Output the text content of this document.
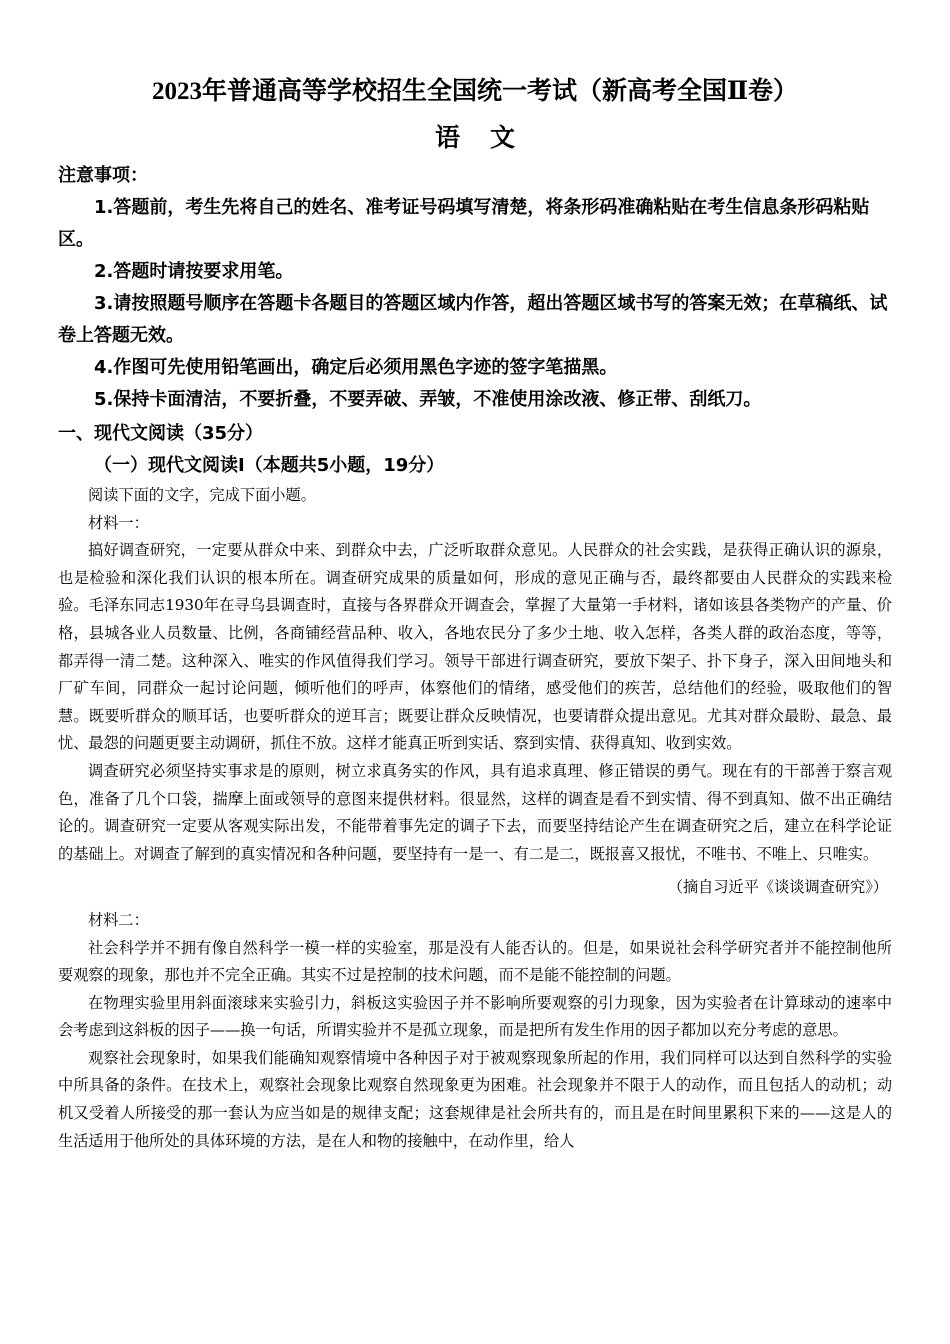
2023年普通高等学校招生全国统一考试（新高考全国Ⅱ卷）

语文

注意事项：

1.答题前，考生先将自己的姓名、准考证号码填写清楚，将条形码准确粘贴在考生信息条形码粘贴区。

2.答题时请按要求用笔。

3.请按照题号顺序在答题卡各题目的答题区域内作答，超出答题区域书写的答案无效；在草稿纸、试卷上答题无效。

4.作图可先使用铅笔画出，确定后必须用黑色字迹的签字笔描黑。

5.保持卡面清洁，不要折叠，不要弄破、弄皱，不准使用涂改液、修正带、刮纸刀。

一、现代文阅读（35分）

（一）现代文阅读Ⅰ（本题共5小题，19分）

阅读下面的文字，完成下面小题。

材料一：

搞好调查研究，一定要从群众中来、到群众中去，广泛听取群众意见。人民群众的社会实践，是获得正确认识的源泉，也是检验和深化我们认识的根本所在。调查研究成果的质量如何，形成的意见正确与否，最终都要由人民群众的实践来检验。毛泽东同志1930年在寻乌县调查时，直接与各界群众开调查会，掌握了大量第一手材料，诸如该县各类物产的产量、价格，县城各业人员数量、比例，各商铺经营品种、收入，各地农民分了多少土地、收入怎样，各类人群的政治态度，等等，都弄得一清二楚。这种深入、唯实的作风值得我们学习。领导干部进行调查研究，要放下架子、扑下身子，深入田间地头和厂矿车间，同群众一起讨论问题，倾听他们的呼声，体察他们的情绪，感受他们的疾苦，总结他们的经验，吸取他们的智慧。既要听群众的顺耳话，也要听群众的逆耳言；既要让群众反映情况，也要请群众提出意见。尤其对群众最盼、最急、最忧、最怨的问题更要主动调研，抓住不放。这样才能真正听到实话、察到实情、获得真知、收到实效。

调查研究必须坚持实事求是的原则，树立求真务实的作风，具有追求真理、修正错误的勇气。现在有的干部善于察言观色，准备了几个口袋，揣摩上面或领导的意图来提供材料。很显然，这样的调查是看不到实情、得不到真知、做不出正确结论的。调查研究一定要从客观实际出发，不能带着事先定的调子下去，而要坚持结论产生在调查研究之后，建立在科学论证的基础上。对调查了解到的真实情况和各种问题，要坚持有一是一、有二是二，既报喜又报忧，不唯书、不唯上、只唯实。

（摘自习近平《谈谈调查研究》）

材料二：

社会科学并不拥有像自然科学一模一样的实验室，那是没有人能否认的。但是，如果说社会科学研究者并不能控制他所要观察的现象，那也并不完全正确。其实不过是控制的技术问题，而不是能不能控制的问题。

在物理实验里用斜面滚球来实验引力，斜板这实验因子并不影响所要观察的引力现象，因为实验者在计算球动的速率中会考虑到这斜板的因子——换一句话，所谓实验并不是孤立现象，而是把所有发生作用的因子都加以充分考虑的意思。

观察社会现象时，如果我们能确知观察情境中各种因子对于被观察现象所起的作用，我们同样可以达到自然科学的实验中所具备的条件。在技术上，观察社会现象比观察自然现象更为困难。社会现象并不限于人的动作，而且包括人的动机；动机又受着人所接受的那一套认为应当如是的规律支配；这套规律是社会所共有的，而且是在时间里累积下来的——这是人的生活适用于他所处的具体环境的方法，是在人和物的接触中，在动作里，给人
